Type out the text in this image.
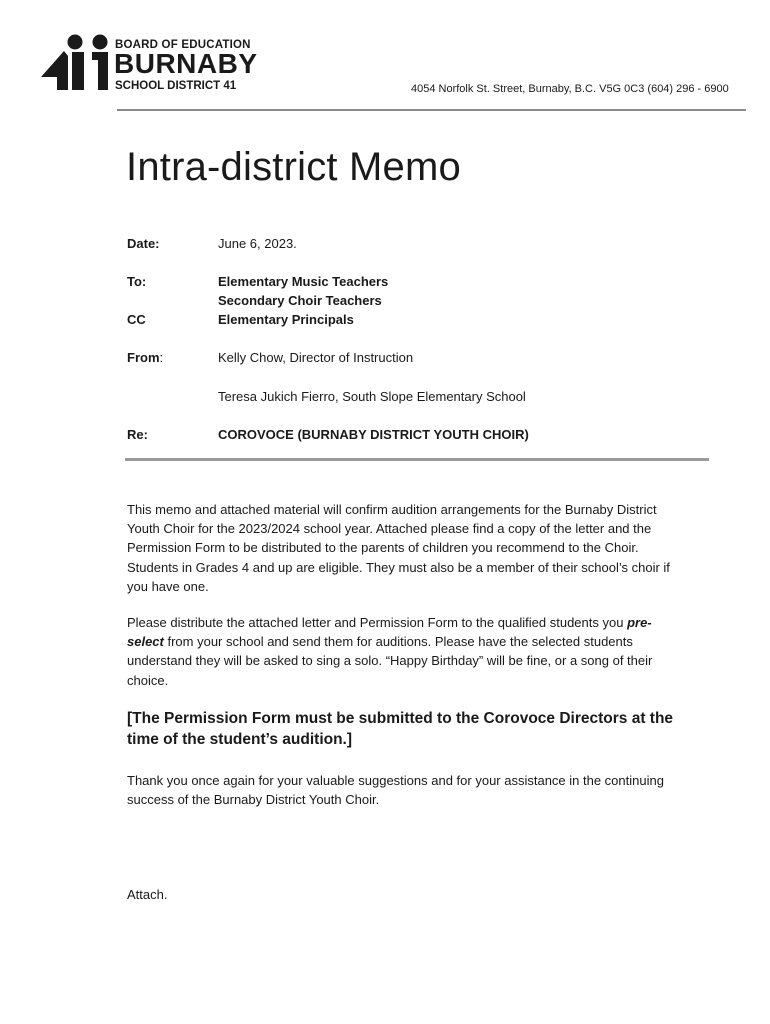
BOARD OF EDUCATION
BURNABY
SCHOOL DISTRICT 41	4054 Norfolk St. Street, Burnaby, B.C. V5G 0C3 (604) 296 - 6900
Intra-district Memo
Date:	June 6, 2023.
To:	Elementary Music Teachers
Secondary Choir Teachers
CC	Elementary Principals
From:	Kelly Chow, Director of Instruction
Teresa Jukich Fierro, South Slope Elementary School
Re:	COROVOCE (BURNABY DISTRICT YOUTH CHOIR)

This memo and attached material will confirm audition arrangements for the Burnaby District Youth Choir for the 2023/2024 school year. Attached please find a copy of the letter and the Permission Form to be distributed to the parents of children you recommend to the Choir. Students in Grades 4 and up are eligible. They must also be a member of their school’s choir if you have one.

Please distribute the attached letter and Permission Form to the qualified students you pre-select from your school and send them for auditions. Please have the selected students understand they will be asked to sing a solo. “Happy Birthday” will be fine, or a song of their choice.

[The Permission Form must be submitted to the Corovoce Directors at the time of the student’s audition.]

Thank you once again for your valuable suggestions and for your assistance in the continuing success of the Burnaby District Youth Choir.

Attach.
